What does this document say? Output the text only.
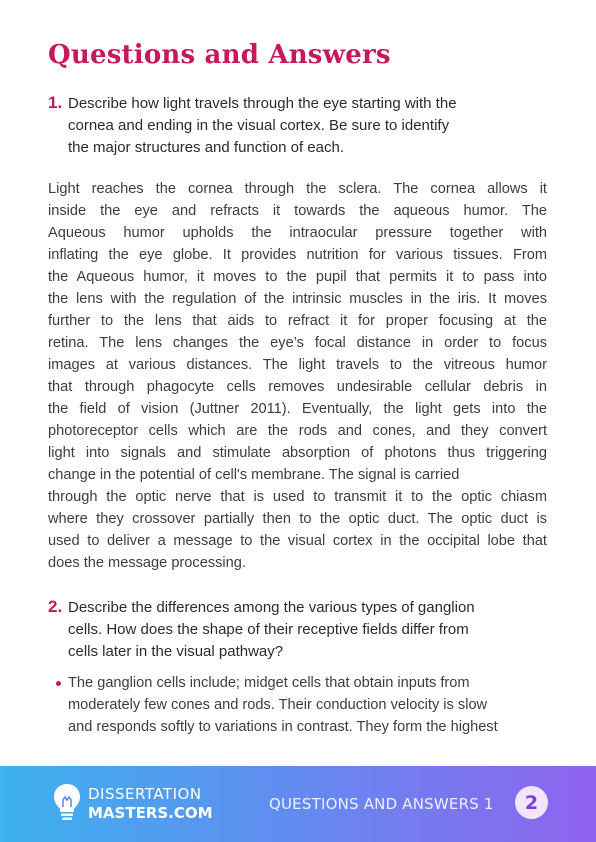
Questions and Answers
1. Describe how light travels through the eye starting with the
cornea and ending in the visual cortex. Be sure to identify
the major structures and function of each.
Light reaches the cornea through the sclera. The cornea allows it
inside the eye and refracts it towards the aqueous humor. The
Aqueous humor upholds the intraocular pressure together with
inflating the eye globe. It provides nutrition for various tissues. From
the Aqueous humor, it moves to the pupil that permits it to pass into
the lens with the regulation of the intrinsic muscles in the iris. It moves
further to the lens that aids to refract it for proper focusing at the
retina. The lens changes the eye’s focal distance in order to focus
images at various distances. The light travels to the vitreous humor
that through phagocyte cells removes undesirable cellular debris in
the field of vision (Juttner 2011). Eventually, the light gets into the
photoreceptor cells which are the rods and cones, and they convert
light into signals and stimulate absorption of photons thus triggering
change in the potential of cell's membrane. The signal is carried
through the optic nerve that is used to transmit it to the optic chiasm
where they crossover partially then to the optic duct. The optic duct is
used to deliver a message to the visual cortex in the occipital lobe that
does the message processing.
2. Describe the differences among the various types of ganglion
cells. How does the shape of their receptive fields differ from
cells later in the visual pathway?
The ganglion cells include; midget cells that obtain inputs from
moderately few cones and rods. Their conduction velocity is slow
and responds softly to variations in contrast. They form the highest
DISSERTATION
MASTERS.COM	QUESTIONS AND ANSWERS 1	2
